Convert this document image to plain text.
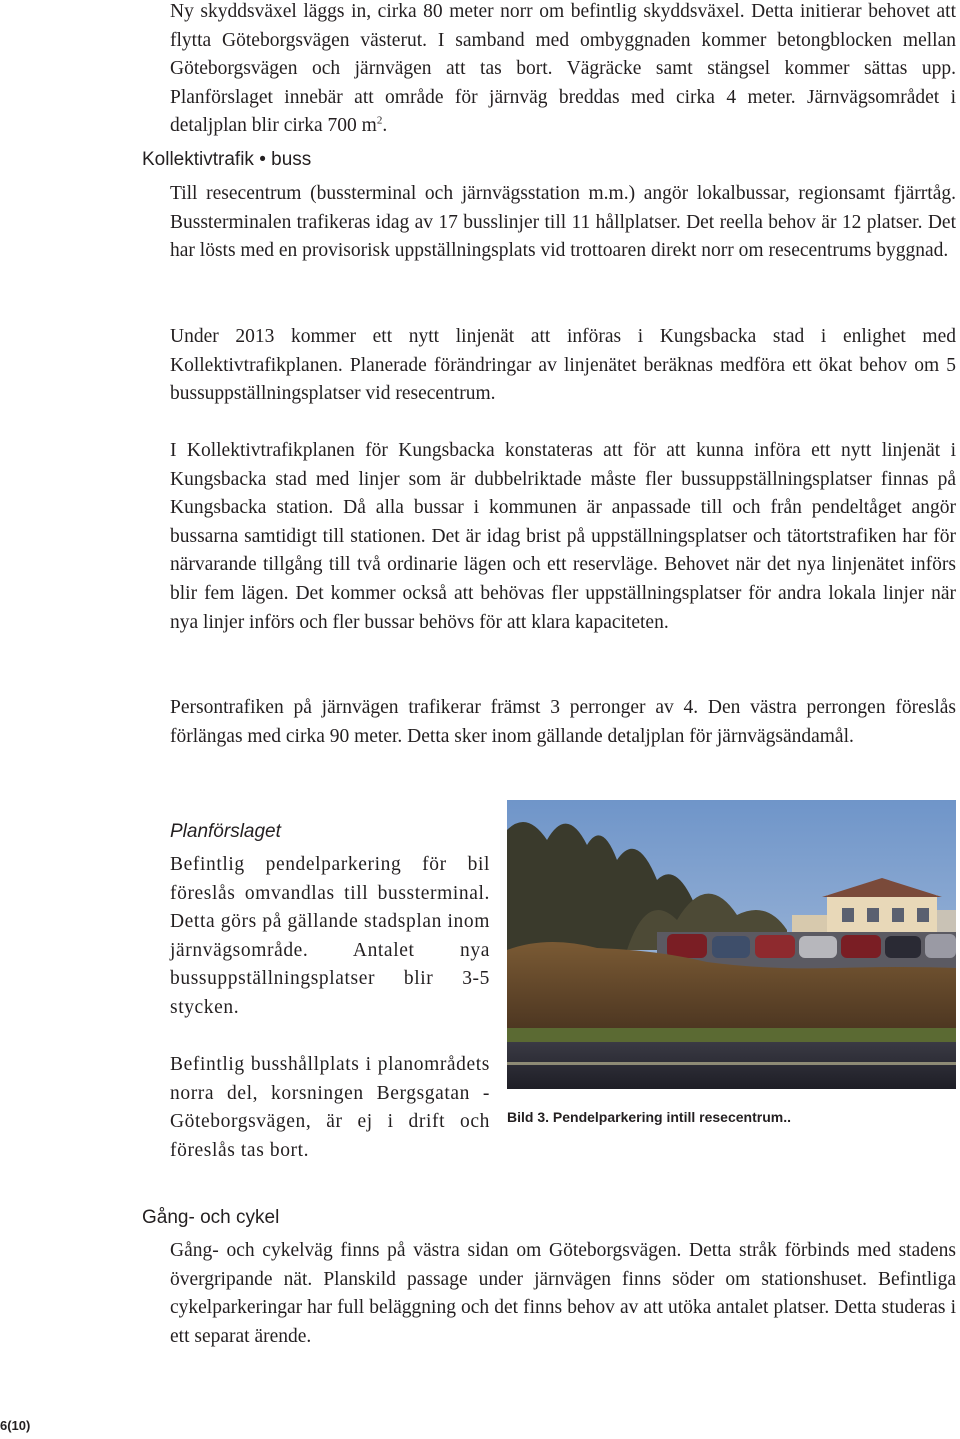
Ny skyddsväxel läggs in, cirka 80 meter norr om befintlig skyddsväxel. Detta initierar behovet att flytta Göteborgsvägen västerut. I samband med ombyggnaden kommer betongblocken mellan Göteborgsvägen och järnvägen att tas bort. Vägräcke samt stängsel kommer sättas upp. Planförslaget innebär att område för järnväg breddas med cirka 4 meter. Järnvägsområdet i detaljplan blir cirka 700 $m^2$.

Kollektivtrafik • buss

Till resecentrum (bussterminal och järnvägsstation m.m.) angör lokalbussar, regionsamt fjärrtåg. Bussterminalen trafikeras idag av 17 busslinjer till 11 hållplatser. Det reella behov är 12 platser. Det har lösts med en provisorisk uppställningsplats vid trottoaren direkt norr om resecentrums byggnad.

Under 2013 kommer ett nytt linjenät att införas i Kungsbacka stad i enlighet med Kollektivtrafikplanen. Planerade förändringar av linjenätet beräknas medföra ett ökat behov om 5 bussuppställningsplatser vid resecentrum.

I Kollektivtrafikplanen för Kungsbacka konstateras att för att kunna införa ett nytt linjenät i Kungsbacka stad med linjer som är dubbelriktade måste fler bussuppställningsplatser finnas på Kungsbacka station. Då alla bussar i kommunen är anpassade till och från pendeltåget angör bussarna samtidigt till stationen. Det är idag brist på uppställningsplatser och tätortstrafiken har för närvarande tillgång till två ordinarie lägen och ett reservläge. Behovet när det nya linjenätet införs blir fem lägen. Det kommer också att behövas fler uppställningsplatser för andra lokala linjer när nya linjer införs och fler bussar behövs för att klara kapaciteten.

Persontrafiken på järnvägen trafikerar främst 3 perronger av 4. Den västra perrongen föreslås förlängas med cirka 90 meter. Detta sker inom gällande detaljplan för järnvägsändamål.

Planförslaget

Befintlig pendelparkering för bil föreslås omvandlas till bussterminal. Detta görs på gällande stadsplan inom järnvägsområde. Antalet nya bussuppställningsplatser blir 3-5 stycken.

Befintlig busshållplats i planområdets norra del, korsningen Bergsgatan - Göteborgsvägen, är ej i drift och föreslås tas bort.

Bild 3. Pendelparkering intill resecentrum..

Gång- och cykel

Gång- och cykelväg finns på västra sidan om Göteborgsvägen. Detta stråk förbinds med stadens övergripande nät. Planskild passage under järnvägen finns söder om stationshuset. Befintliga cykelparkeringar har full beläggning och det finns behov av att utöka antalet platser. Detta studeras i ett separat ärende.

6(10)
